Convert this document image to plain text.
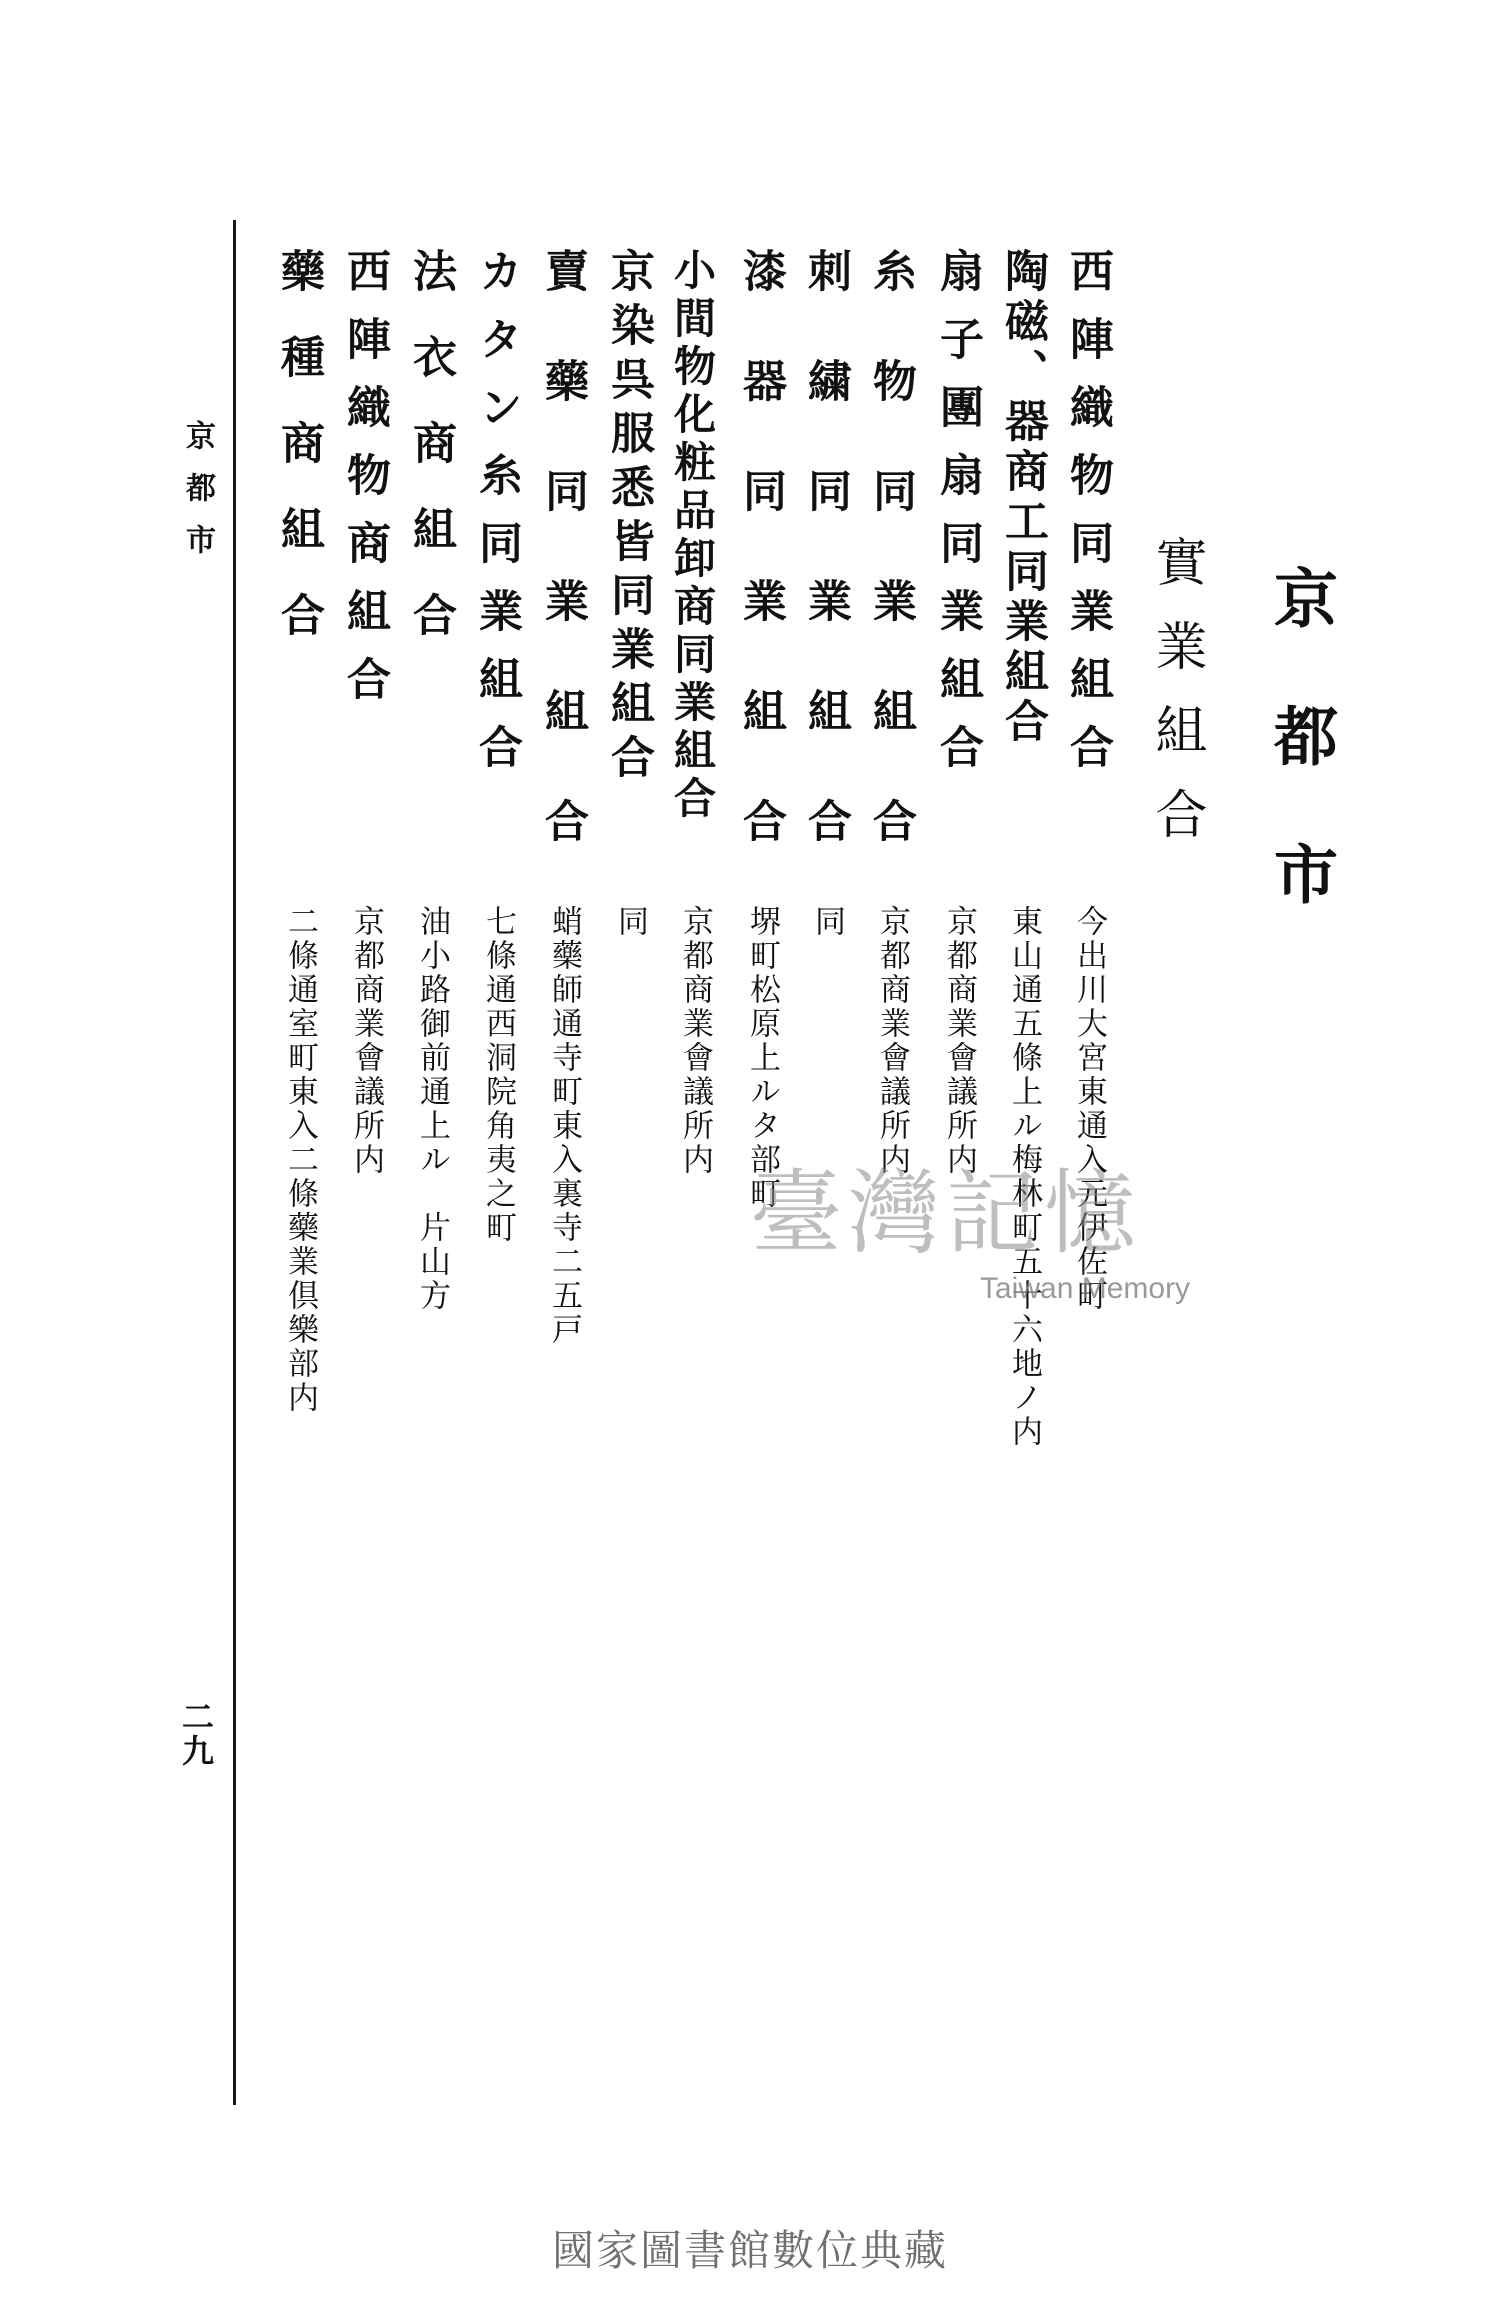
京都市
實業組合
西陣織物同業組合
今出川大宮東通入元伊佐町
陶磁、器商工同業組合
東山通五條上ル梅林町五十六地ノ内
扇子團扇同業組合
京都商業會議所内
糸物同業組合
京都商業會議所内
刺繍同業組合
同
漆器同業組合
堺町松原上ルタ部町
小間物化粧品卸商同業組合
京都商業會議所内
京染呉服悉皆同業組合
同
賣藥同業組合
蛸藥師通寺町東入裏寺二五戸
カタン糸同業組合
七條通西洞院角夷之町
法衣商組合
油小路御前通上ル　片山方
西陣織物商組合
京都商業會議所内
藥種商組合
二條通室町東入二條藥業倶樂部内
京都市
二九
臺灣記憶
Taiwan Memory
國家圖書館數位典藏
